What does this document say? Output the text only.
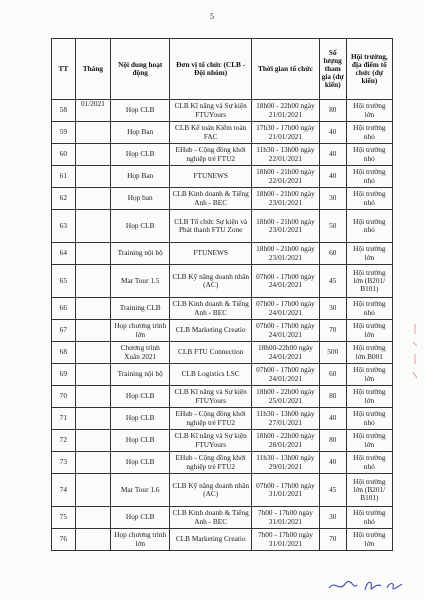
5
TT	Tháng	Nội dung hoạt động	Đơn vị tổ chức (CLB - Đội nhóm)	Thời gian tổ chức	Số lượng tham gia (dự kiến)	Hội trường, địa điểm tổ chức (dự kiến)
58	01/2021	Họp CLB	CLB Kĩ năng và Sự kiện FTUYours	18h00 - 22h00 ngày 21/01/2021	80	Hội trường lớn
59		Họp Ban	CLB Kế toán Kiểm toán FAC	17h30 - 17h00 ngày 21/01/2021	40	Hội trường nhỏ
60		Họp CLB	EHub - Cộng đồng khởi nghiệp trẻ FTU2	11h30 - 13h00 ngày 22/01/2021	40	Hội trường nhỏ
61		Họp Ban	FTUNEWS	18h00 - 21h00 ngày 22/01/2021	40	Hội trường nhỏ
62		Họp ban	CLB Kinh doanh & Tiếng Anh - BEC	18h00 - 21h00 ngày 23/01/2021	30	Hội trường nhỏ
63		Họp CLB	CLB Tổ chức Sự kiện và Phát thanh FTU Zone	18h00 - 21h00 ngày 23/01/2021	50	Hội trường nhỏ
64		Training nội bộ	FTUNEWS	18h00 - 21h00 ngày 23/01/2021	60	Hội trường lớn
65		Mar Tour 1.5	CLB Kỹ năng doanh nhân (AC)	07h00 - 17h00 ngày 24/01/2021	45	Hội trường lớn (B201/ B101)
66		Training CLB	CLB Kinh doanh & Tiếng Anh - BEC	07h00 - 17h00 ngày 24/01/2021	30	Hội trường nhỏ
67		Họp chương trình lớn	CLB Marketing Creatio	07h00 - 17h00 ngày 24/01/2021	70	Hội trường lớn
68		Chương trình Xuân 2021	CLB FTU Connection	18h00-22h00 ngày 24/01/2021	500	Hội trường lớn B001
69		Training nội bộ	CLB Logistics LSC	07h00 - 17h00 ngày 24/01/2021	60	Hội trường lớn
70		Họp CLB	CLB Kĩ năng và Sự kiện FTUYours	18h00 - 22h00 ngày 25/01/2021	80	Hội trường lớn
71		Họp CLB	EHub - Cộng đồng khởi nghiệp trẻ FTU2	11h30 - 13h00 ngày 27/01/2021	40	Hội trường nhỏ
72		Họp CLB	CLB Kĩ năng và Sự kiện FTUYours	18h00 - 22h00 ngày 28/01/2021	80	Hội trường lớn
73		Họp CLB	EHub - Cộng đồng khởi nghiệp trẻ FTU2	11h30 - 13h00 ngày 29/01/2021	40	Hội trường nhỏ
74		Mar Tour 1.6	CLB Kỹ năng doanh nhân (AC)	07h00 - 17h00 ngày 31/01/2021	45	Hội trường lớn (B201/ B101)
75		Họp CLB	CLB Kinh doanh & Tiếng Anh - BEC	7h00 - 17h00 ngày 31/01/2021	30	Hội trường nhỏ
76		Họp chương trình lớn	CLB Marketing Creatio	7h00 - 17h00 ngày 31/01/2021	70	Hội trường lớn
